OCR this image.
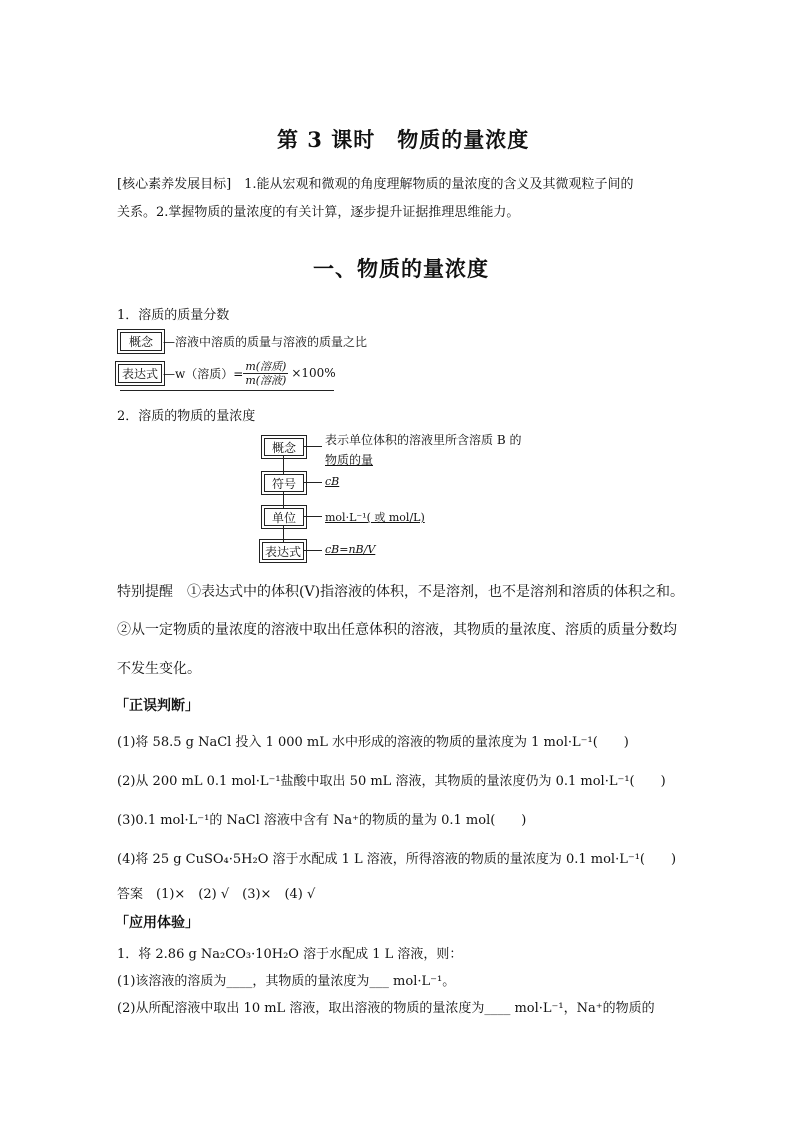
第 3 课时　物质的量浓度
[核心素养发展目标]　1.能从宏观和微观的角度理解物质的量浓度的含义及其微观粒子间的
关系。2.掌握物质的量浓度的有关计算，逐步提升证据推理思维能力。
一、物质的量浓度
1．溶质的质量分数
概念 —溶液中溶质的质量与溶液的质量之比
表达式 —w（溶质）= $\frac{\text{m(溶质)}}{\text{m(溶液)}} \times 100\%$
2．溶质的物质的量浓度
概念
表示单位体积的溶液里所含溶质 B 的
物质的量
符号	cB
单位	mol·L⁻¹( 或 mol/L)
表达式 cB=nB/V
特别提醒　①表达式中的体积(V)指溶液的体积，不是溶剂，也不是溶剂和溶质的体积之和。
②从一定物质的量浓度的溶液中取出任意体积的溶液，其物质的量浓度、溶质的质量分数均
不发生变化。
「正误判断」
(1)将 58.5 g NaCl 投入 1 000 mL 水中形成的溶液的物质的量浓度为 1 mol·L⁻¹(　　)
(2)从 200 mL 0.1 mol·L⁻¹盐酸中取出 50 mL 溶液，其物质的量浓度仍为 0.1 mol·L⁻¹(　　)
(3)0.1 mol·L⁻¹的 NaCl 溶液中含有 Na⁺的物质的量为 0.1 mol(　　)
(4)将 25 g CuSO₄·5H₂O 溶于水配成 1 L 溶液，所得溶液的物质的量浓度为 0.1 mol·L⁻¹(　　)
答案　(1)×　(2) √　(3)×　(4) √
「应用体验」
1．将 2.86 g Na₂CO₃·10H₂O 溶于水配成 1 L 溶液，则：
(1)该溶液的溶质为____，其物质的量浓度为___ mol·L⁻¹。
(2)从所配溶液中取出 10 mL 溶液，取出溶液的物质的量浓度为____ mol·L⁻¹，Na⁺的物质的
